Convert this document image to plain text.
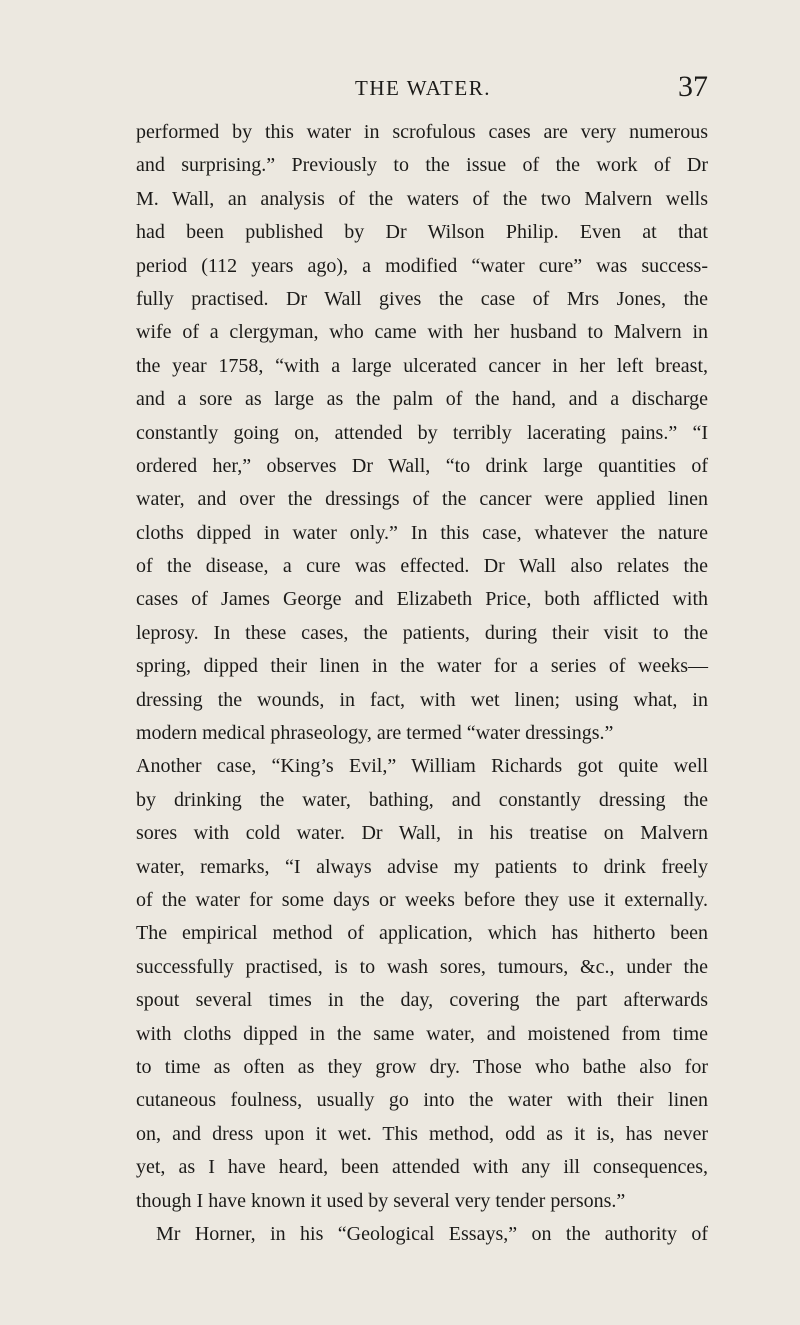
THE WATER.	37
performed by this water in scrofulous cases are very numerous
and surprising.” Previously to the issue of the work of Dr
M. Wall, an analysis of the waters of the two Malvern wells
had been published by Dr Wilson Philip. Even at that
period (112 years ago), a modified “water cure” was success-
fully practised. Dr Wall gives the case of Mrs Jones, the
wife of a clergyman, who came with her husband to Malvern in
the year 1758, “with a large ulcerated cancer in her left breast,
and a sore as large as the palm of the hand, and a discharge
constantly going on, attended by terribly lacerating pains.” “I
ordered her,” observes Dr Wall, “to drink large quantities of
water, and over the dressings of the cancer were applied linen
cloths dipped in water only.” In this case, whatever the nature
of the disease, a cure was effected. Dr Wall also relates the
cases of James George and Elizabeth Price, both afflicted with
leprosy. In these cases, the patients, during their visit to the
spring, dipped their linen in the water for a series of weeks—
dressing the wounds, in fact, with wet linen; using what, in
modern medical phraseology, are termed “water dressings.”
Another case, “King’s Evil,” William Richards got quite well
by drinking the water, bathing, and constantly dressing the
sores with cold water. Dr Wall, in his treatise on Malvern
water, remarks, “I always advise my patients to drink freely
of the water for some days or weeks before they use it externally.
The empirical method of application, which has hitherto been
successfully practised, is to wash sores, tumours, &c., under the
spout several times in the day, covering the part afterwards
with cloths dipped in the same water, and moistened from time
to time as often as they grow dry. Those who bathe also for
cutaneous foulness, usually go into the water with their linen
on, and dress upon it wet. This method, odd as it is, has never
yet, as I have heard, been attended with any ill consequences,
though I have known it used by several very tender persons.”
Mr Horner, in his “Geological Essays,” on the authority of
